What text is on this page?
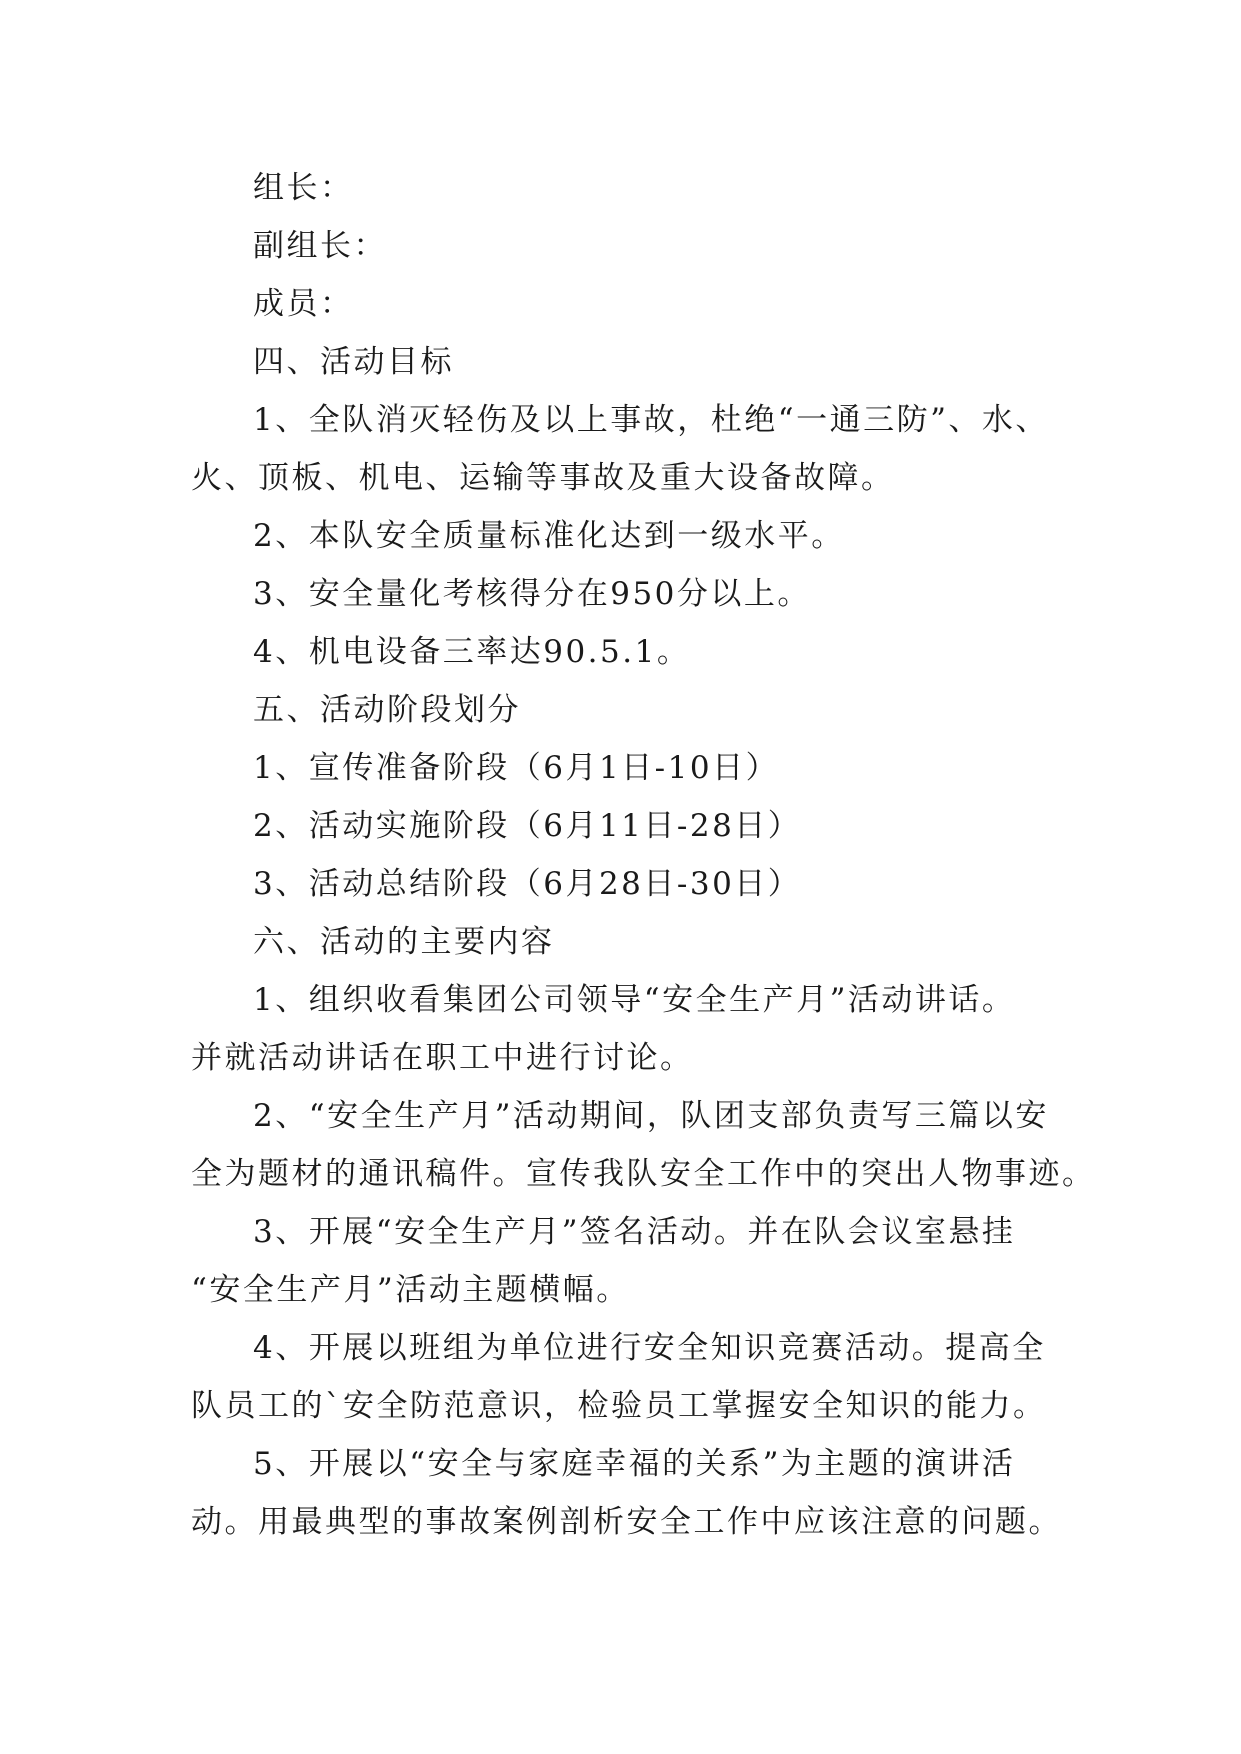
组长：
副组长：
成员：
四、活动目标
1、全队消灭轻伤及以上事故，杜绝“一通三防”、水、
火、顶板、机电、运输等事故及重大设备故障。
2、本队安全质量标准化达到一级水平。
3、安全量化考核得分在950分以上。
4、机电设备三率达90.5.1。
五、活动阶段划分
1、宣传准备阶段（6月1日-10日）
2、活动实施阶段（6月11日-28日）
3、活动总结阶段（6月28日-30日）
六、活动的主要内容
1、组织收看集团公司领导“安全生产月”活动讲话。
并就活动讲话在职工中进行讨论。
2、“安全生产月”活动期间，队团支部负责写三篇以安
全为题材的通讯稿件。宣传我队安全工作中的突出人物事迹。
3、开展“安全生产月”签名活动。并在队会议室悬挂
“安全生产月”活动主题横幅。
4、开展以班组为单位进行安全知识竞赛活动。提高全
队员工的`安全防范意识，检验员工掌握安全知识的能力。
5、开展以“安全与家庭幸福的关系”为主题的演讲活
动。用最典型的事故案例剖析安全工作中应该注意的问题。
